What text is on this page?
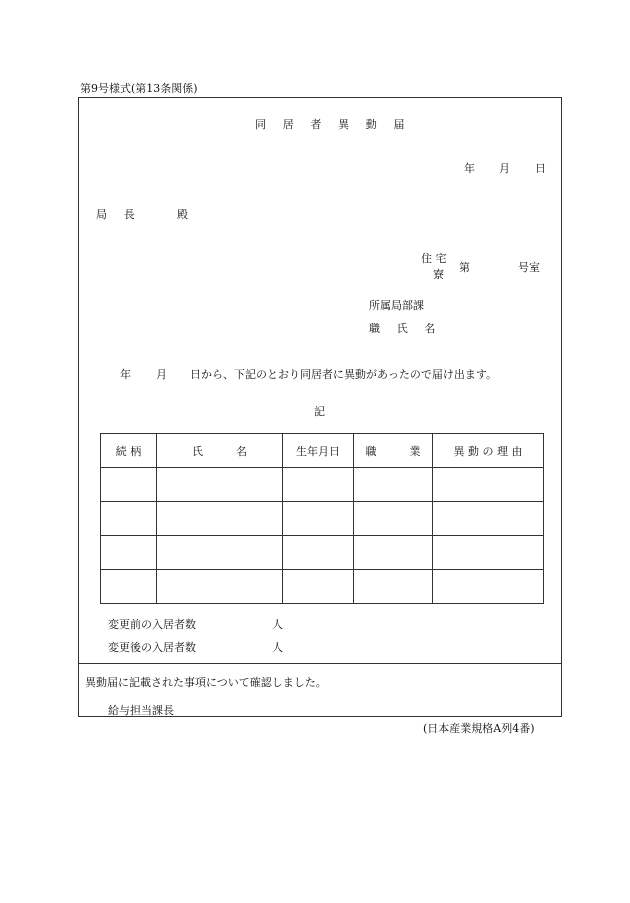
第9号様式(第13条関係)
同 居 者 異 動 届
年 月 日
局 長	殿
住 宅
寮
第	号室
所属局部課
職 氏 名
年 月 日から、下記のとおり同居者に異動があったので届け出ます。
記
続 柄	氏　　　名	生年月日	職　　　業	異 動 の 理 由

変更前の入居者数	人
変更後の入居者数	人
異動届に記載された事項について確認しました。
給与担当課長
(日本産業規格A列4番)
